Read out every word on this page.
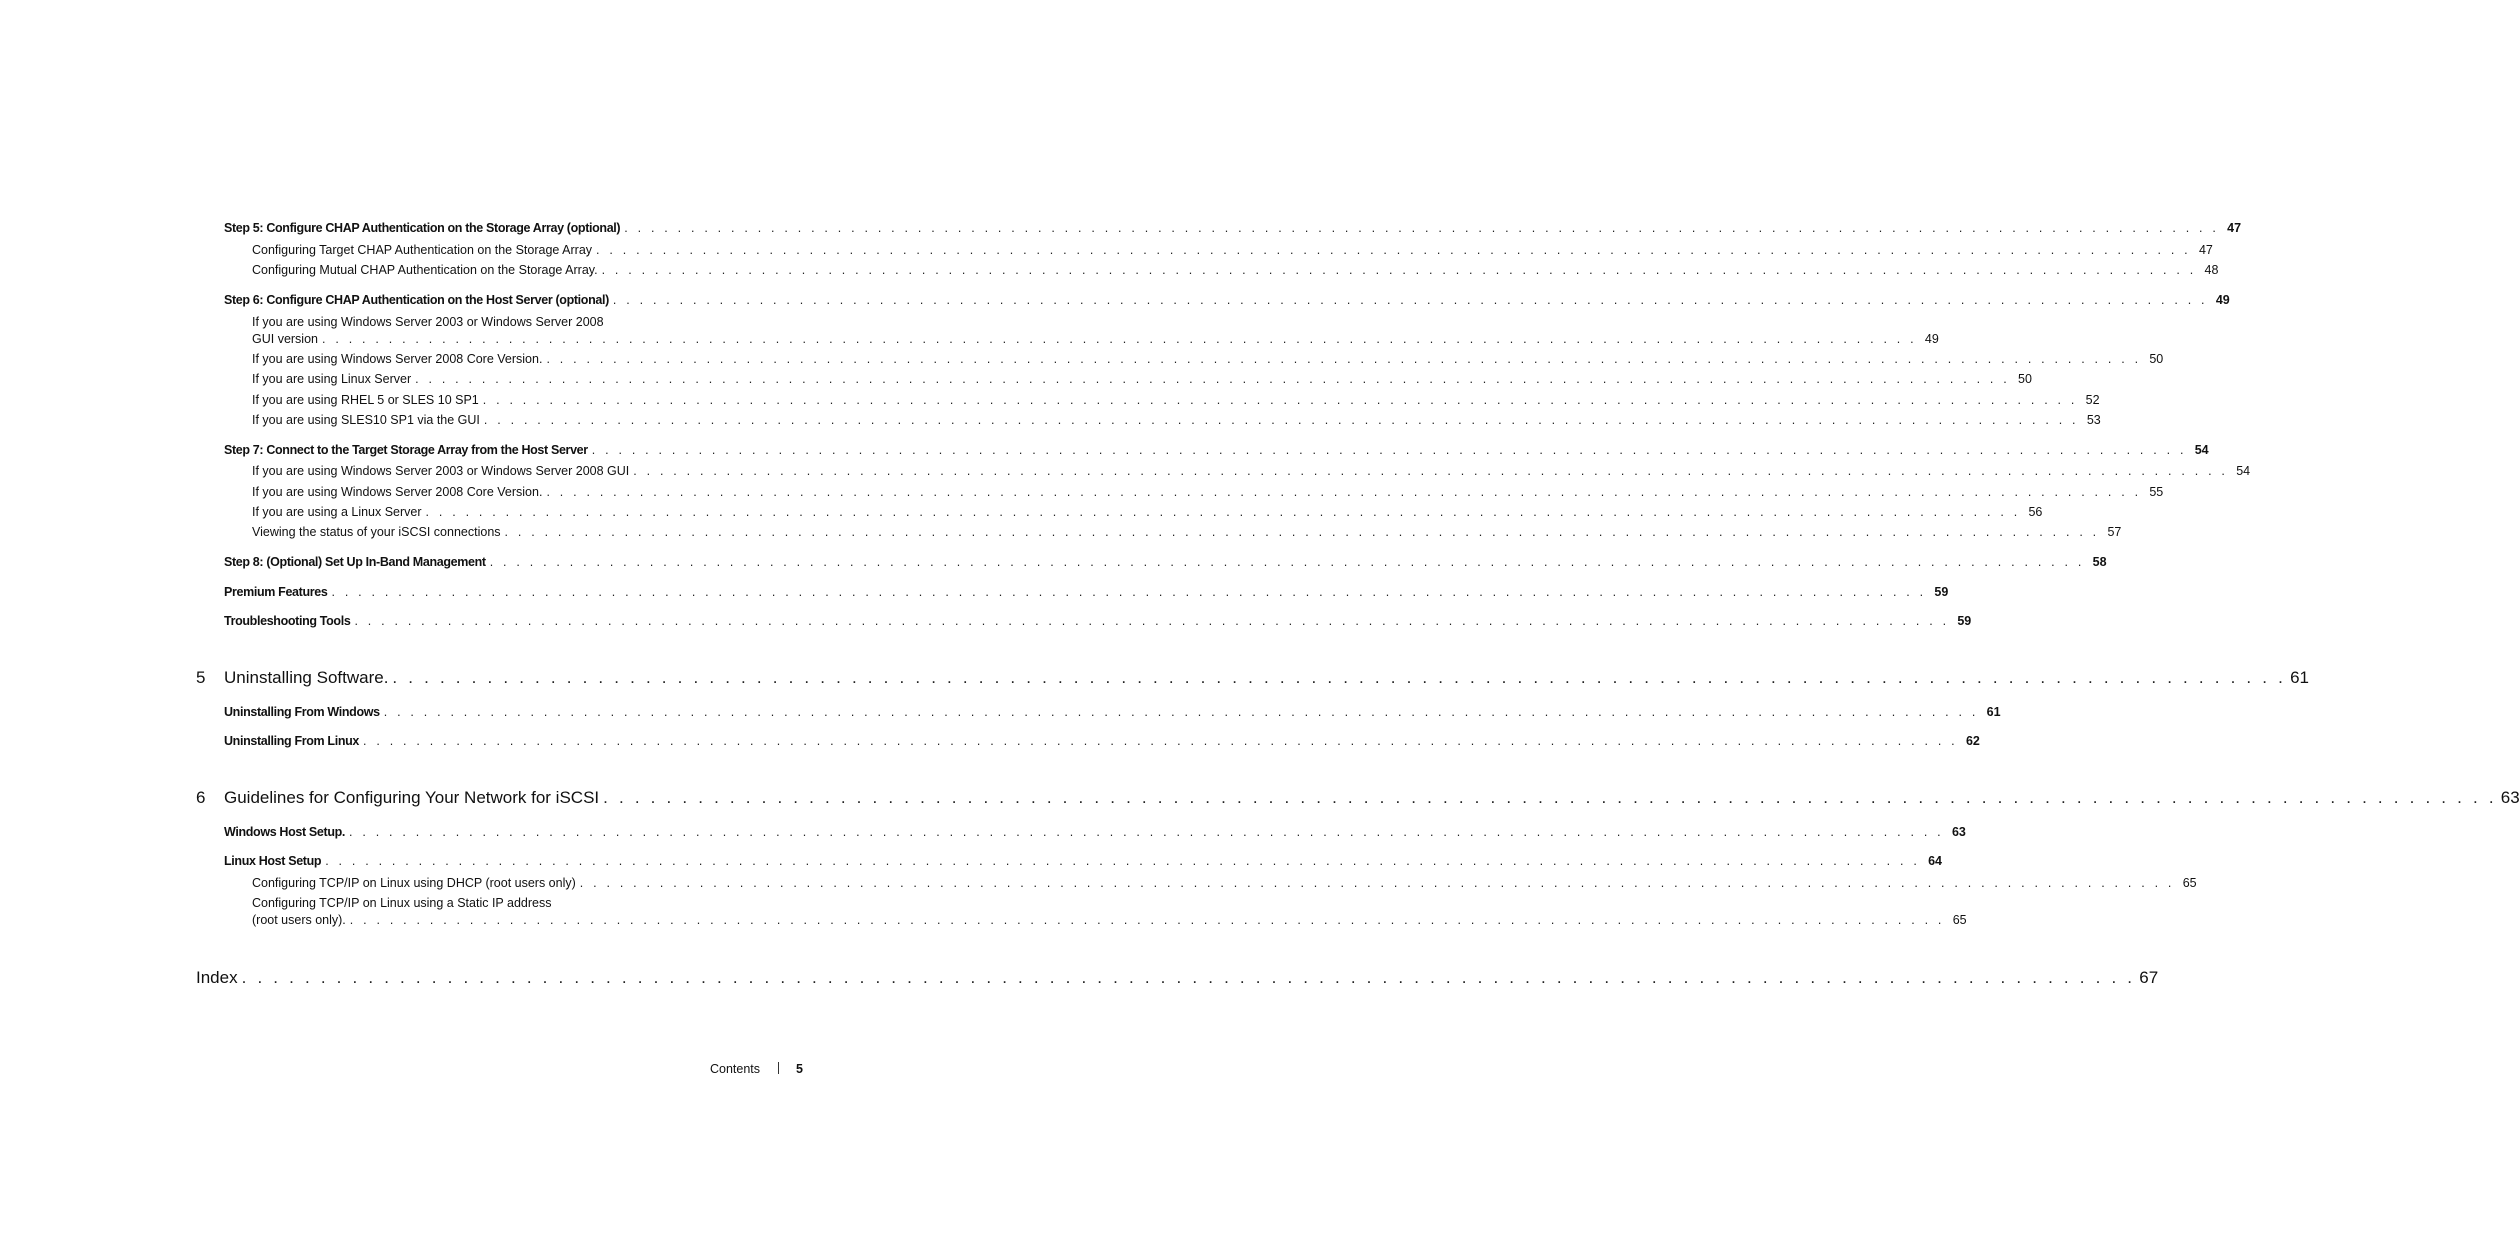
Step 5: Configure CHAP Authentication on the Storage Array (optional) . . . . . . . . . . . . . . . . . . . . . . . . . . . . . . . . . . . . . . . . . . . . . . . . . . . . . . . . . . . . . . . . . . . . . . . . . . . . . . . . . . . . . . . . . . . . . . . . . . . . . . . . . . . . . . . . . . . . . . . . 47
Configuring Target CHAP Authentication on the Storage Array . . . . . . . . . . . . . . . . . . . . . . . . . . . . . . . . . . . . . . . . . . . . . . . . . . . . . . . . . . . . . . . . . . . . . . . . . . . . . . . . . . . . . . . . . . . . . . . . . . . . . . . . . . . . . . . . . . . . . . . . 47
Configuring Mutual CHAP Authentication on the Storage Array. . . . . . . . . . . . . . . . . . . . . . . . . . . . . . . . . . . . . . . . . . . . . . . . . . . . . . . . . . . . . . . . . . . . . . . . . . . . . . . . . . . . . . . . . . . . . . . . . . . . . . . . . . . . . . . . . . . . . . . . . 48
Step 6: Configure CHAP Authentication on the Host Server (optional) . . . . . . . . . . . . . . . . . . . . . . . . . . . . . . . . . . . . . . . . . . . . . . . . . . . . . . . . . . . . . . . . . . . . . . . . . . . . . . . . . . . . . . . . . . . . . . . . . . . . . . . . . . . . . . . . . . . . . . . . 49
If you are using Windows Server 2003 or Windows Server 2008
GUI version . . . . . . . . . . . . . . . . . . . . . . . . . . . . . . . . . . . . . . . . . . . . . . . . . . . . . . . . . . . . . . . . . . . . . . . . . . . . . . . . . . . . . . . . . . . . . . . . . . . . . . . . . . . . . . . . . . . . . . . . 49
If you are using Windows Server 2008 Core Version. . . . . . . . . . . . . . . . . . . . . . . . . . . . . . . . . . . . . . . . . . . . . . . . . . . . . . . . . . . . . . . . . . . . . . . . . . . . . . . . . . . . . . . . . . . . . . . . . . . . . . . . . . . . . . . . . . . . . . . . . 50
If you are using Linux Server . . . . . . . . . . . . . . . . . . . . . . . . . . . . . . . . . . . . . . . . . . . . . . . . . . . . . . . . . . . . . . . . . . . . . . . . . . . . . . . . . . . . . . . . . . . . . . . . . . . . . . . . . . . . . . . . . . . . . . . . 50
If you are using RHEL 5 or SLES 10 SP1 . . . . . . . . . . . . . . . . . . . . . . . . . . . . . . . . . . . . . . . . . . . . . . . . . . . . . . . . . . . . . . . . . . . . . . . . . . . . . . . . . . . . . . . . . . . . . . . . . . . . . . . . . . . . . . . . . . . . . . . . 52
If you are using SLES10 SP1 via the GUI . . . . . . . . . . . . . . . . . . . . . . . . . . . . . . . . . . . . . . . . . . . . . . . . . . . . . . . . . . . . . . . . . . . . . . . . . . . . . . . . . . . . . . . . . . . . . . . . . . . . . . . . . . . . . . . . . . . . . . . . 53
Step 7: Connect to the Target Storage Array from the Host Server . . . . . . . . . . . . . . . . . . . . . . . . . . . . . . . . . . . . . . . . . . . . . . . . . . . . . . . . . . . . . . . . . . . . . . . . . . . . . . . . . . . . . . . . . . . . . . . . . . . . . . . . . . . . . . . . . . . . . . . . 54
If you are using Windows Server 2003 or Windows Server 2008 GUI . . . . . . . . . . . . . . . . . . . . . . . . . . . . . . . . . . . . . . . . . . . . . . . . . . . . . . . . . . . . . . . . . . . . . . . . . . . . . . . . . . . . . . . . . . . . . . . . . . . . . . . . . . . . . . . . . . . . . . . . 54
If you are using Windows Server 2008 Core Version. . . . . . . . . . . . . . . . . . . . . . . . . . . . . . . . . . . . . . . . . . . . . . . . . . . . . . . . . . . . . . . . . . . . . . . . . . . . . . . . . . . . . . . . . . . . . . . . . . . . . . . . . . . . . . . . . . . . . . . . . 55
If you are using a Linux Server . . . . . . . . . . . . . . . . . . . . . . . . . . . . . . . . . . . . . . . . . . . . . . . . . . . . . . . . . . . . . . . . . . . . . . . . . . . . . . . . . . . . . . . . . . . . . . . . . . . . . . . . . . . . . . . . . . . . . . . . 56
Viewing the status of your iSCSI connections . . . . . . . . . . . . . . . . . . . . . . . . . . . . . . . . . . . . . . . . . . . . . . . . . . . . . . . . . . . . . . . . . . . . . . . . . . . . . . . . . . . . . . . . . . . . . . . . . . . . . . . . . . . . . . . . . . . . . . . . 57
Step 8: (Optional) Set Up In-Band Management . . . . . . . . . . . . . . . . . . . . . . . . . . . . . . . . . . . . . . . . . . . . . . . . . . . . . . . . . . . . . . . . . . . . . . . . . . . . . . . . . . . . . . . . . . . . . . . . . . . . . . . . . . . . . . . . . . . . . . . . 58
Premium Features . . . . . . . . . . . . . . . . . . . . . . . . . . . . . . . . . . . . . . . . . . . . . . . . . . . . . . . . . . . . . . . . . . . . . . . . . . . . . . . . . . . . . . . . . . . . . . . . . . . . . . . . . . . . . . . . . . . . . . . . 59
Troubleshooting Tools . . . . . . . . . . . . . . . . . . . . . . . . . . . . . . . . . . . . . . . . . . . . . . . . . . . . . . . . . . . . . . . . . . . . . . . . . . . . . . . . . . . . . . . . . . . . . . . . . . . . . . . . . . . . . . . . . . . . . . . . 59
5	Uninstalling Software. . . . . . . . . . . . . . . . . . . . . . . . . . . . . . . . . . . . . . . . . . . . . . . . . . . . . . . . . . . . . . . . . . . . . . . . . . . . . . . . . . . . . . . . . . . . . . . . . . . . . . . . . . . . . . . . . . . . . . . . . 61
Uninstalling From Windows . . . . . . . . . . . . . . . . . . . . . . . . . . . . . . . . . . . . . . . . . . . . . . . . . . . . . . . . . . . . . . . . . . . . . . . . . . . . . . . . . . . . . . . . . . . . . . . . . . . . . . . . . . . . . . . . . . . . . . . . 61
Uninstalling From Linux . . . . . . . . . . . . . . . . . . . . . . . . . . . . . . . . . . . . . . . . . . . . . . . . . . . . . . . . . . . . . . . . . . . . . . . . . . . . . . . . . . . . . . . . . . . . . . . . . . . . . . . . . . . . . . . . . . . . . . . . 62
6	Guidelines for Configuring Your Network for iSCSI . . . . . . . . . . . . . . . . . . . . . . . . . . . . . . . . . . . . . . . . . . . . . . . . . . . . . . . . . . . . . . . . . . . . . . . . . . . . . . . . . . . . . . . . . . . . . . . . . . . . . . . . . . . . . . . . . . . . . . . . 63
Windows Host Setup. . . . . . . . . . . . . . . . . . . . . . . . . . . . . . . . . . . . . . . . . . . . . . . . . . . . . . . . . . . . . . . . . . . . . . . . . . . . . . . . . . . . . . . . . . . . . . . . . . . . . . . . . . . . . . . . . . . . . . . . . 63
Linux Host Setup . . . . . . . . . . . . . . . . . . . . . . . . . . . . . . . . . . . . . . . . . . . . . . . . . . . . . . . . . . . . . . . . . . . . . . . . . . . . . . . . . . . . . . . . . . . . . . . . . . . . . . . . . . . . . . . . . . . . . . . . 64
Configuring TCP/IP on Linux using DHCP (root users only) . . . . . . . . . . . . . . . . . . . . . . . . . . . . . . . . . . . . . . . . . . . . . . . . . . . . . . . . . . . . . . . . . . . . . . . . . . . . . . . . . . . . . . . . . . . . . . . . . . . . . . . . . . . . . . . . . . . . . . . . 65
Configuring TCP/IP on Linux using a Static IP address
(root users only). . . . . . . . . . . . . . . . . . . . . . . . . . . . . . . . . . . . . . . . . . . . . . . . . . . . . . . . . . . . . . . . . . . . . . . . . . . . . . . . . . . . . . . . . . . . . . . . . . . . . . . . . . . . . . . . . . . . . . . . . 65
Index . . . . . . . . . . . . . . . . . . . . . . . . . . . . . . . . . . . . . . . . . . . . . . . . . . . . . . . . . . . . . . . . . . . . . . . . . . . . . . . . . . . . . . . . . . . . . . . . . . . . . . . . . . . . . . . . . . . . . . . . 67
Contents	5
